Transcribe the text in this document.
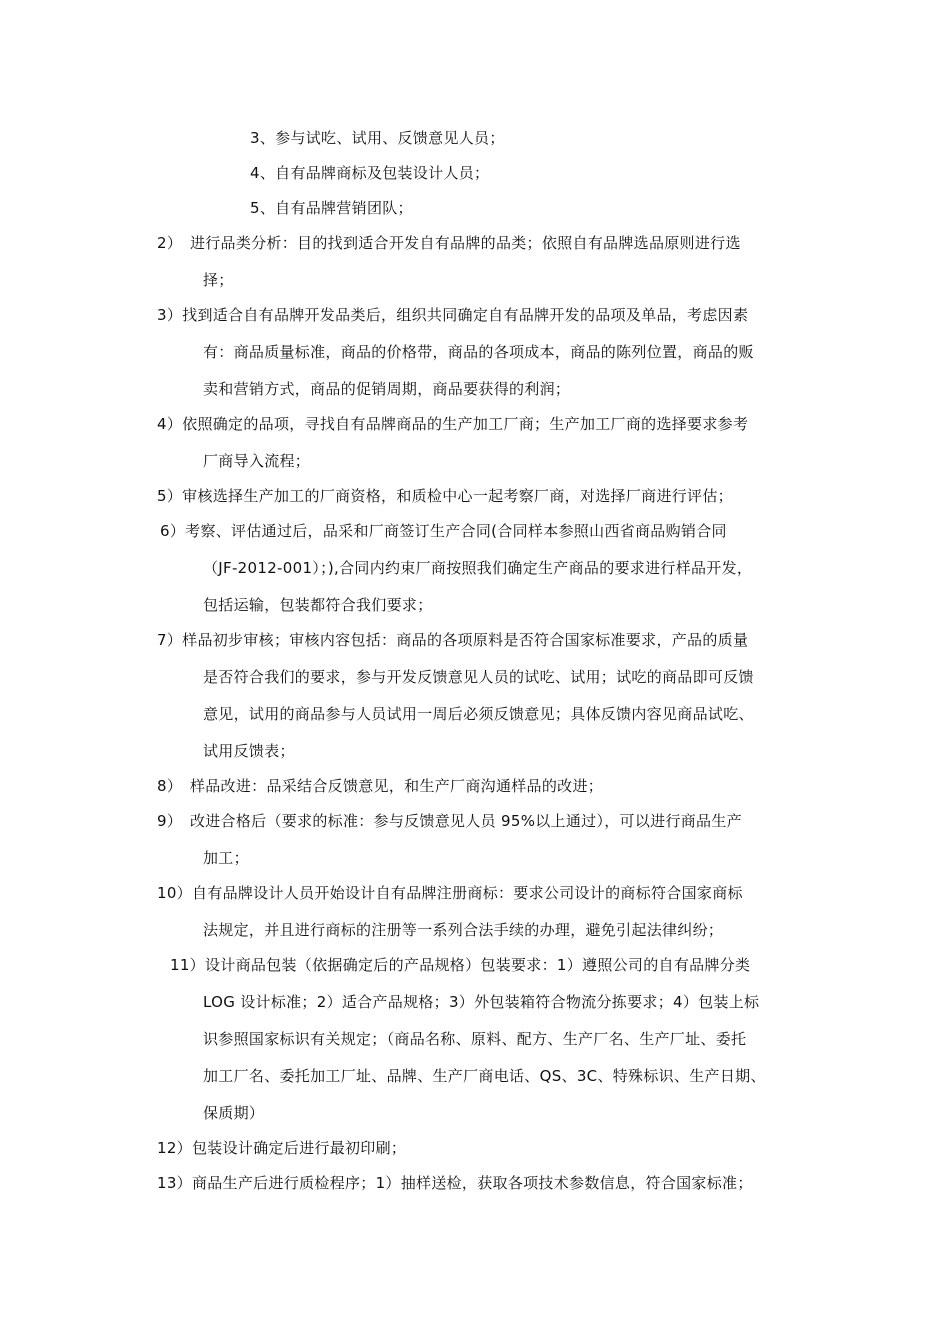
3、参与试吃、试用、反馈意见人员；

4、自有品牌商标及包装设计人员；

5、自有品牌营销团队；

2）　进行品类分析：目的找到适合开发自有品牌的品类；依照自有品牌选品原则进行选

择；

3）找到适合自有品牌开发品类后，组织共同确定自有品牌开发的品项及单品，考虑因素

有：商品质量标准，商品的价格带，商品的各项成本，商品的陈列位置，商品的贩

卖和营销方式，商品的促销周期，商品要获得的利润；

4）依照确定的品项，寻找自有品牌商品的生产加工厂商；生产加工厂商的选择要求参考

厂商导入流程；

5）审核选择生产加工的厂商资格，和质检中心一起考察厂商，对选择厂商进行评估；

6）考察、评估通过后，品采和厂商签订生产合同(合同样本参照山西省商品购销合同

（JF-2012-001）；),合同内约束厂商按照我们确定生产商品的要求进行样品开发，

包括运输，包装都符合我们要求；

7）样品初步审核；审核内容包括：商品的各项原料是否符合国家标准要求，产品的质量

是否符合我们的要求，参与开发反馈意见人员的试吃、试用；试吃的商品即可反馈

意见，试用的商品参与人员试用一周后必须反馈意见；具体反馈内容见商品试吃、

试用反馈表；

8）　样品改进：品采结合反馈意见，和生产厂商沟通样品的改进；

9）　改进合格后（要求的标准：参与反馈意见人员 95%以上通过），可以进行商品生产

加工；

10）自有品牌设计人员开始设计自有品牌注册商标：要求公司设计的商标符合国家商标

法规定，并且进行商标的注册等一系列合法手续的办理，避免引起法律纠纷；

11）设计商品包装（依据确定后的产品规格）包装要求：1）遵照公司的自有品牌分类

LOG 设计标准；2）适合产品规格；3）外包装箱符合物流分拣要求；4）包装上标

识参照国家标识有关规定；（商品名称、原料、配方、生产厂名、生产厂址、委托

加工厂名、委托加工厂址、品牌、生产厂商电话、QS、3C、特殊标识、生产日期、

保质期）

12）包装设计确定后进行最初印刷；

13）商品生产后进行质检程序；1）抽样送检，获取各项技术参数信息，符合国家标准；
